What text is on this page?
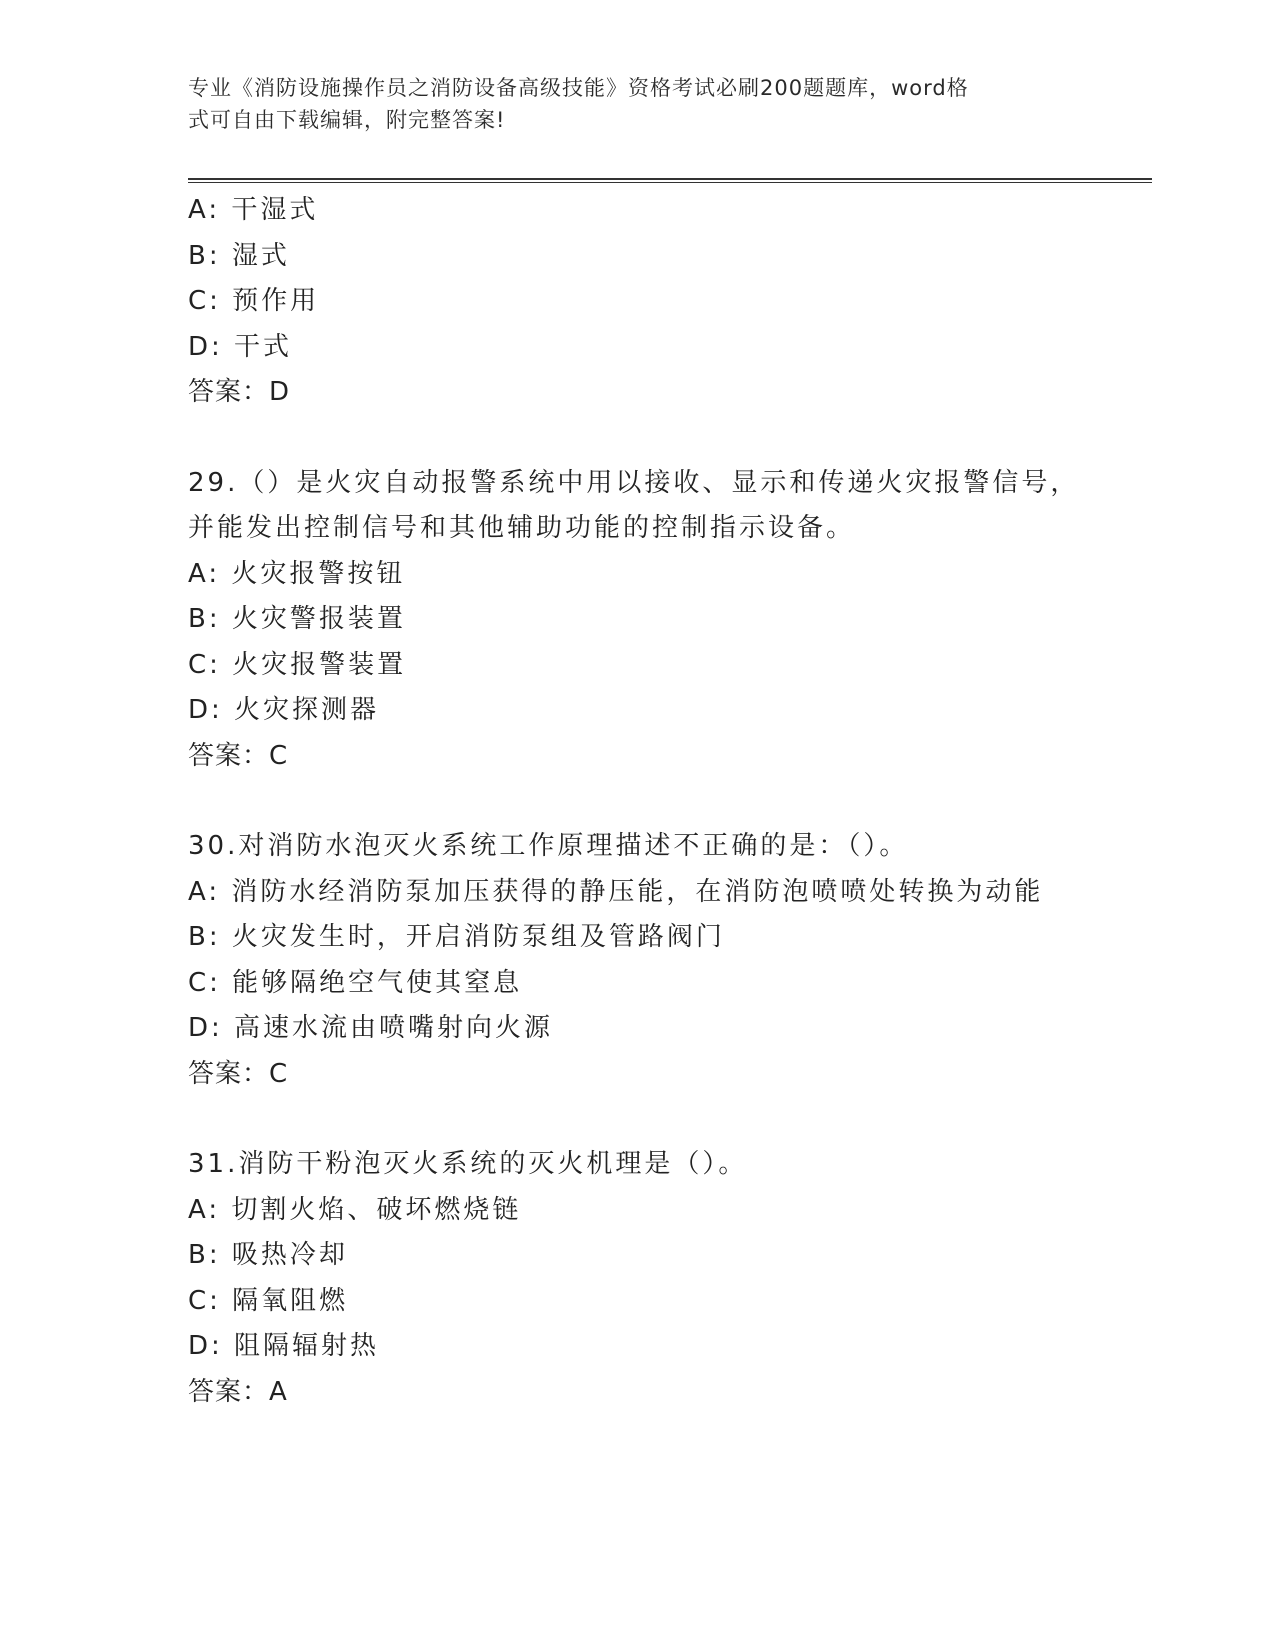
专业《消防设施操作员之消防设备高级技能》资格考试必刷200题题库，word格
式可自由下载编辑，附完整答案!
A: 干湿式
B: 湿式
C: 预作用
D: 干式
答案：D
29.（）是火灾自动报警系统中用以接收、显示和传递火灾报警信号，
并能发出控制信号和其他辅助功能的控制指示设备。
A: 火灾报警按钮
B: 火灾警报装置
C: 火灾报警装置
D: 火灾探测器
答案：C
30.对消防水泡灭火系统工作原理描述不正确的是：（）。
A: 消防水经消防泵加压获得的静压能，在消防泡喷喷处转换为动能
B: 火灾发生时，开启消防泵组及管路阀门
C: 能够隔绝空气使其窒息
D: 高速水流由喷嘴射向火源
答案：C
31.消防干粉泡灭火系统的灭火机理是（）。
A: 切割火焰、破坏燃烧链
B: 吸热冷却
C: 隔氧阻燃
D: 阻隔辐射热
答案：A
